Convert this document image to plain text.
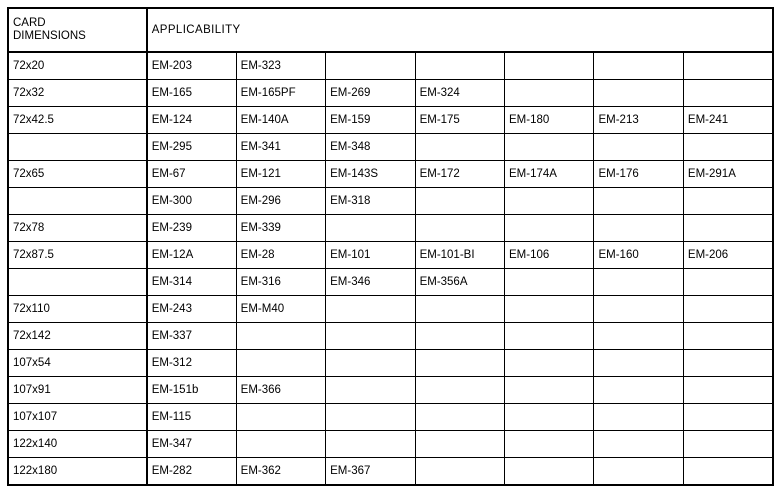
CARD
DIMENSIONS	APPLICABILITY						
72x20	EM-203	EM-323					
72x32	EM-165	EM-165PF	EM-269	EM-324			
72x42.5	EM-124	EM-140A	EM-159	EM-175	EM-180	EM-213	EM-241
	EM-295	EM-341	EM-348				
72x65	EM-67	EM-121	EM-143S	EM-172	EM-174A	EM-176	EM-291A
	EM-300	EM-296	EM-318				
72x78	EM-239	EM-339					
72x87.5	EM-12A	EM-28	EM-101	EM-101-BI	EM-106	EM-160	EM-206
	EM-314	EM-316	EM-346	EM-356A			
72x110	EM-243	EM-M40					
72x142	EM-337						
107x54	EM-312						
107x91	EM-151b	EM-366					
107x107	EM-115						
122x140	EM-347						
122x180	EM-282	EM-362	EM-367				
